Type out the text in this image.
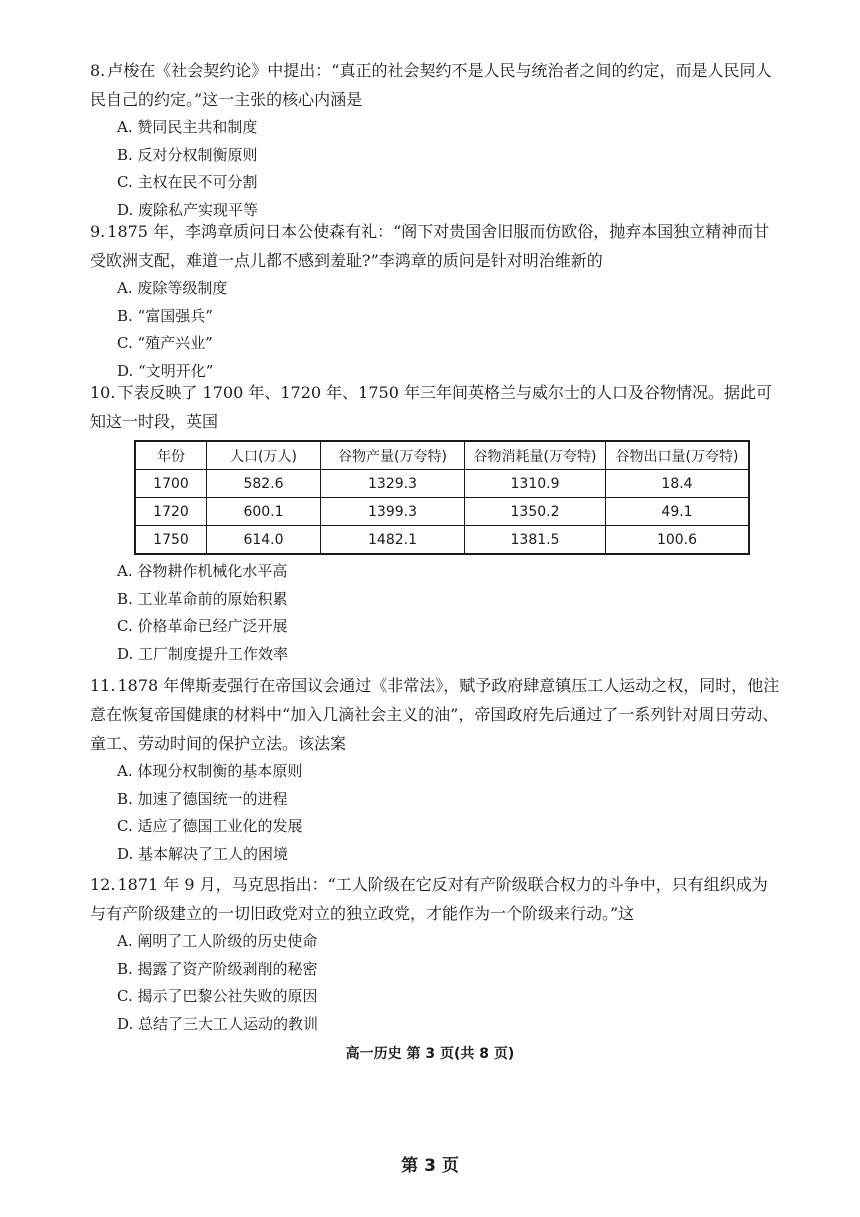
8. 卢梭在《社会契约论》中提出：“真正的社会契约不是人民与统治者之间的约定，而是人民同人民自己的约定。”这一主张的核心内涵是

A. 赞同民主共和制度
B. 反对分权制衡原则
C. 主权在民不可分割
D. 废除私产实现平等

9. 1875 年，李鸿章质问日本公使森有礼：“阁下对贵国舍旧服而仿欧俗，抛弃本国独立精神而甘受欧洲支配，难道一点儿都不感到羞耻?”李鸿章的质问是针对明治维新的

A. 废除等级制度
B. “富国强兵”
C. “殖产兴业”
D. “文明开化”

10. 下表反映了 1700 年、1720 年、1750 年三年间英格兰与威尔士的人口及谷物情况。据此可知这一时段，英国

年份	人口(万人)	谷物产量(万夸特)	谷物消耗量(万夸特)	谷物出口量(万夸特)
1700	582.6	1329.3	1310.9	18.4
1720	600.1	1399.3	1350.2	49.1
1750	614.0	1482.1	1381.5	100.6
A. 谷物耕作机械化水平高
B. 工业革命前的原始积累
C. 价格革命已经广泛开展
D. 工厂制度提升工作效率

11. 1878 年俾斯麦强行在帝国议会通过《非常法》，赋予政府肆意镇压工人运动之权，同时，他注意在恢复帝国健康的材料中“加入几滴社会主义的油”，帝国政府先后通过了一系列针对周日劳动、童工、劳动时间的保护立法。该法案

A. 体现分权制衡的基本原则
B. 加速了德国统一的进程
C. 适应了德国工业化的发展
D. 基本解决了工人的困境

12. 1871 年 9 月，马克思指出：“工人阶级在它反对有产阶级联合权力的斗争中，只有组织成为与有产阶级建立的一切旧政党对立的独立政党，才能作为一个阶级来行动。”这

A. 阐明了工人阶级的历史使命
B. 揭露了资产阶级剥削的秘密
C. 揭示了巴黎公社失败的原因
D. 总结了三大工人运动的教训
高一历史 第 3 页(共 8 页)
第 3 页
